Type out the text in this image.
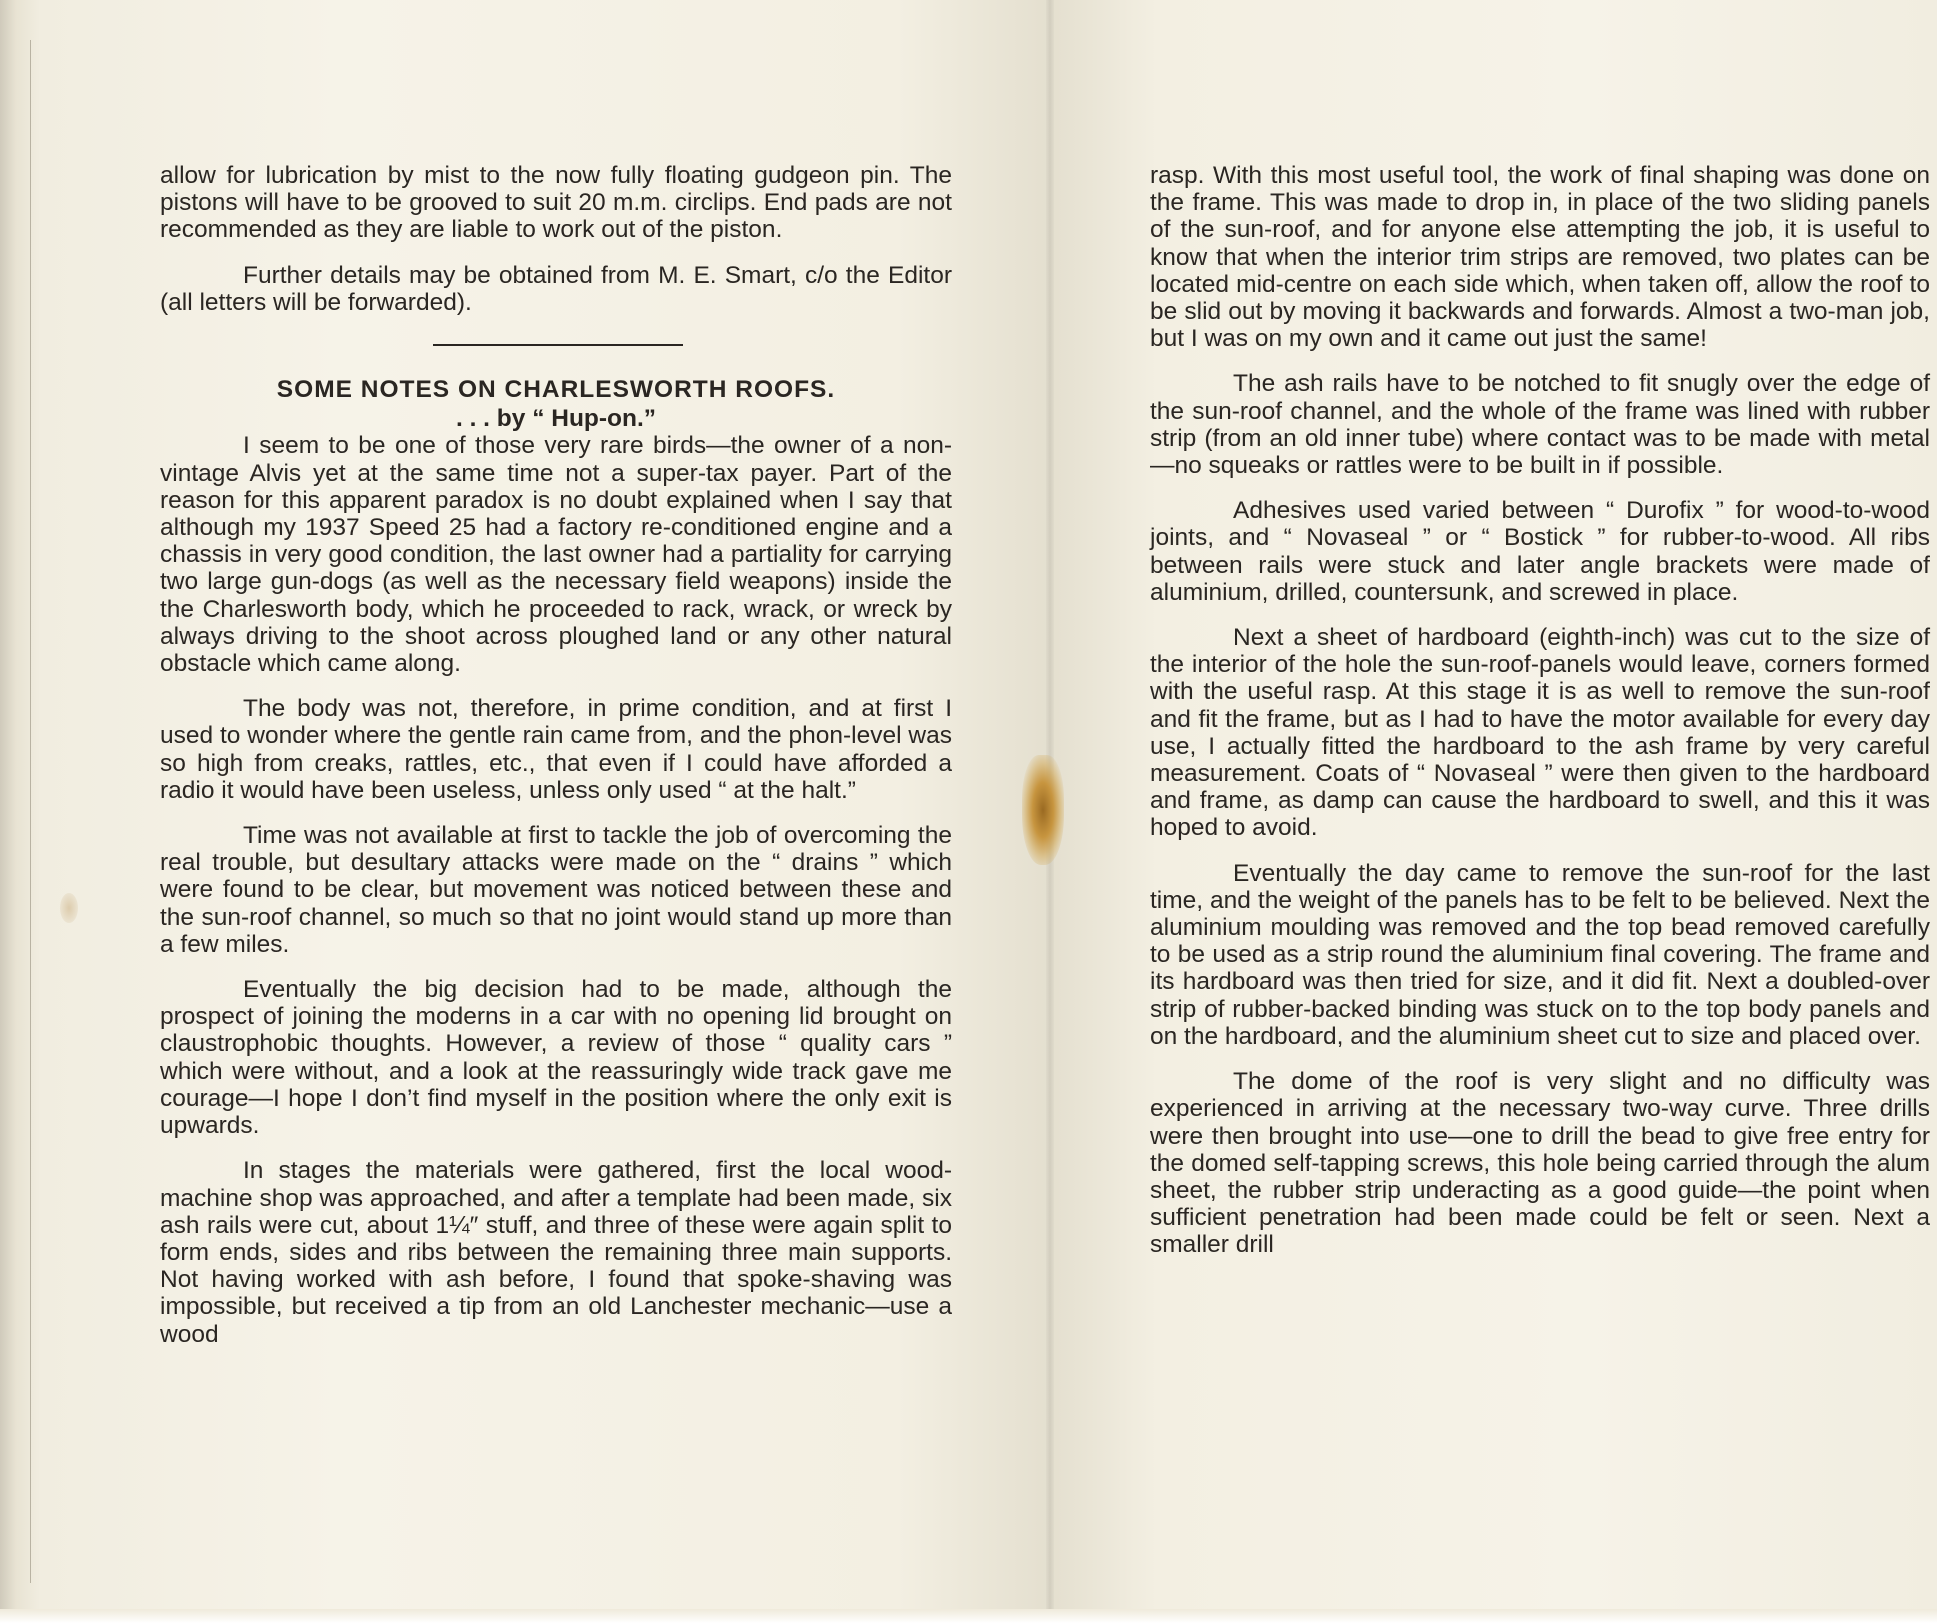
allow for lubrication by mist to the now fully floating gudgeon pin. The pistons will have to be grooved to suit 20 m.m. circlips. End pads are not recommended as they are liable to work out of the piston.

Further details may be obtained from M. E. Smart, c/o the Editor (all letters will be forwarded).

SOME NOTES ON CHARLESWORTH ROOFS.

. . . by “ Hup-on.”

I seem to be one of those very rare birds—the owner of a non-vintage Alvis yet at the same time not a super-tax payer. Part of the reason for this apparent paradox is no doubt explained when I say that although my 1937 Speed 25 had a factory re-conditioned engine and a chassis in very good condition, the last owner had a partiality for carrying two large gun-dogs (as well as the necessary field weapons) inside the the Charlesworth body, which he proceeded to rack, wrack, or wreck by always driving to the shoot across ploughed land or any other natural obstacle which came along.

The body was not, therefore, in prime condition, and at first I used to wonder where the gentle rain came from, and the phon-level was so high from creaks, rattles, etc., that even if I could have afforded a radio it would have been useless, unless only used “ at the halt.”

Time was not available at first to tackle the job of overcoming the real trouble, but desultary attacks were made on the “ drains ” which were found to be clear, but movement was noticed between these and the sun-roof channel, so much so that no joint would stand up more than a few miles.

Eventually the big decision had to be made, although the prospect of joining the moderns in a car with no opening lid brought on claustrophobic thoughts. However, a review of those “ quality cars ” which were without, and a look at the reassuringly wide track gave me courage—I hope I don’t find myself in the position where the only exit is upwards.

In stages the materials were gathered, first the local wood-machine shop was approached, and after a template had been made, six ash rails were cut, about 1¼″ stuff, and three of these were again split to form ends, sides and ribs between the remaining three main supports. Not having worked with ash before, I found that spoke-shaving was impossible, but received a tip from an old Lanchester mechanic—use a wood

rasp. With this most useful tool, the work of final shaping was done on the frame. This was made to drop in, in place of the two sliding panels of the sun-roof, and for anyone else attempting the job, it is useful to know that when the interior trim strips are removed, two plates can be located mid-centre on each side which, when taken off, allow the roof to be slid out by moving it backwards and forwards. Almost a two-man job, but I was on my own and it came out just the same!

The ash rails have to be notched to fit snugly over the edge of the sun-roof channel, and the whole of the frame was lined with rubber strip (from an old inner tube) where contact was to be made with metal—no squeaks or rattles were to be built in if possible.

Adhesives used varied between “ Durofix ” for wood-to-wood joints, and “ Novaseal ” or “ Bostick ” for rubber-to-wood. All ribs between rails were stuck and later angle brackets were made of aluminium, drilled, countersunk, and screwed in place.

Next a sheet of hardboard (eighth-inch) was cut to the size of the interior of the hole the sun-roof-panels would leave, corners formed with the useful rasp. At this stage it is as well to remove the sun-roof and fit the frame, but as I had to have the motor available for every day use, I actually fitted the hardboard to the ash frame by very careful measurement. Coats of “ Novaseal ” were then given to the hardboard and frame, as damp can cause the hardboard to swell, and this it was hoped to avoid.

Eventually the day came to remove the sun-roof for the last time, and the weight of the panels has to be felt to be believed. Next the aluminium moulding was removed and the top bead removed carefully to be used as a strip round the aluminium final covering. The frame and its hardboard was then tried for size, and it did fit. Next a doubled-over strip of rubber-backed binding was stuck on to the top body panels and on the hardboard, and the aluminium sheet cut to size and placed over.

The dome of the roof is very slight and no difficulty was experienced in arriving at the necessary two-way curve. Three drills were then brought into use—one to drill the bead to give free entry for the domed self-tapping screws, this hole being carried through the alum sheet, the rubber strip underacting as a good guide—the point when sufficient penetration had been made could be felt or seen. Next a smaller drill
